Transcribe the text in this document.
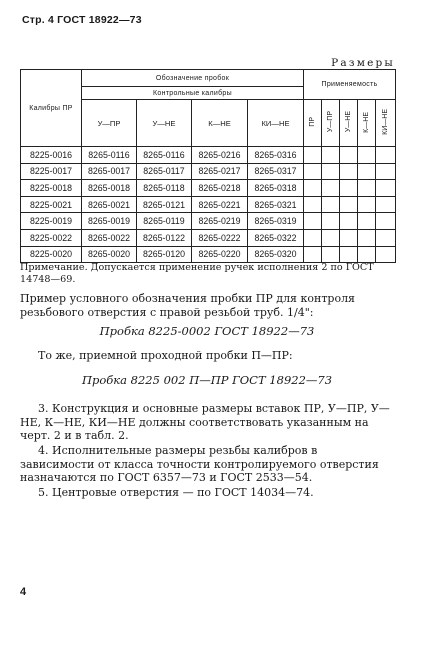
Стр. 4 ГОСТ 18922—73
Размеры
Калибры ПР	Обозначение пробок				Применяемость				
	Контрольные калибры								
	У—ПР	У—НЕ	К—НЕ	КИ—НЕ	ПР	У—ПР	У—НЕ	К—НЕ	КИ—НЕ
8225-0016	8265-0116	8265-0116	8265-0216	8265-0316					
8225-0017	8265-0017	8265-0117	8265-0217	8265-0317					
8225-0018	8265-0018	8265-0118	8265-0218	8265-0318					
8225-0021	8265-0021	8265-0121	8265-0221	8265-0321					
8225-0019	8265-0019	8265-0119	8265-0219	8265-0319					
8225-0022	8265-0022	8265-0122	8265-0222	8265-0322					
8225-0020	8265-0020	8265-0120	8265-0220	8265-0320					
Примечание. Допускается применение ручек исполнения 2 по ГОСТ 14748—69.
Пример условного обозначения пробки ПР для контроля резьбового отверстия с правой резьбой труб. 1/4":
Пробка 8225-0002 ГОСТ 18922—73
То же, приемной проходной пробки П—ПР:
Пробка 8225 002 П—ПР ГОСТ 18922—73
3. Конструкция и основные размеры вставок ПР, У—ПР, У—НЕ, К—НЕ, КИ—НЕ должны соответствовать указанным на черт. 2 и в табл. 2.
4. Исполнительные размеры резьбы калибров в зависимости от класса точности контролируемого отверстия назначаются по ГОСТ 6357—73 и ГОСТ 2533—54.
5. Центровые отверстия — по ГОСТ 14034—74.
4
